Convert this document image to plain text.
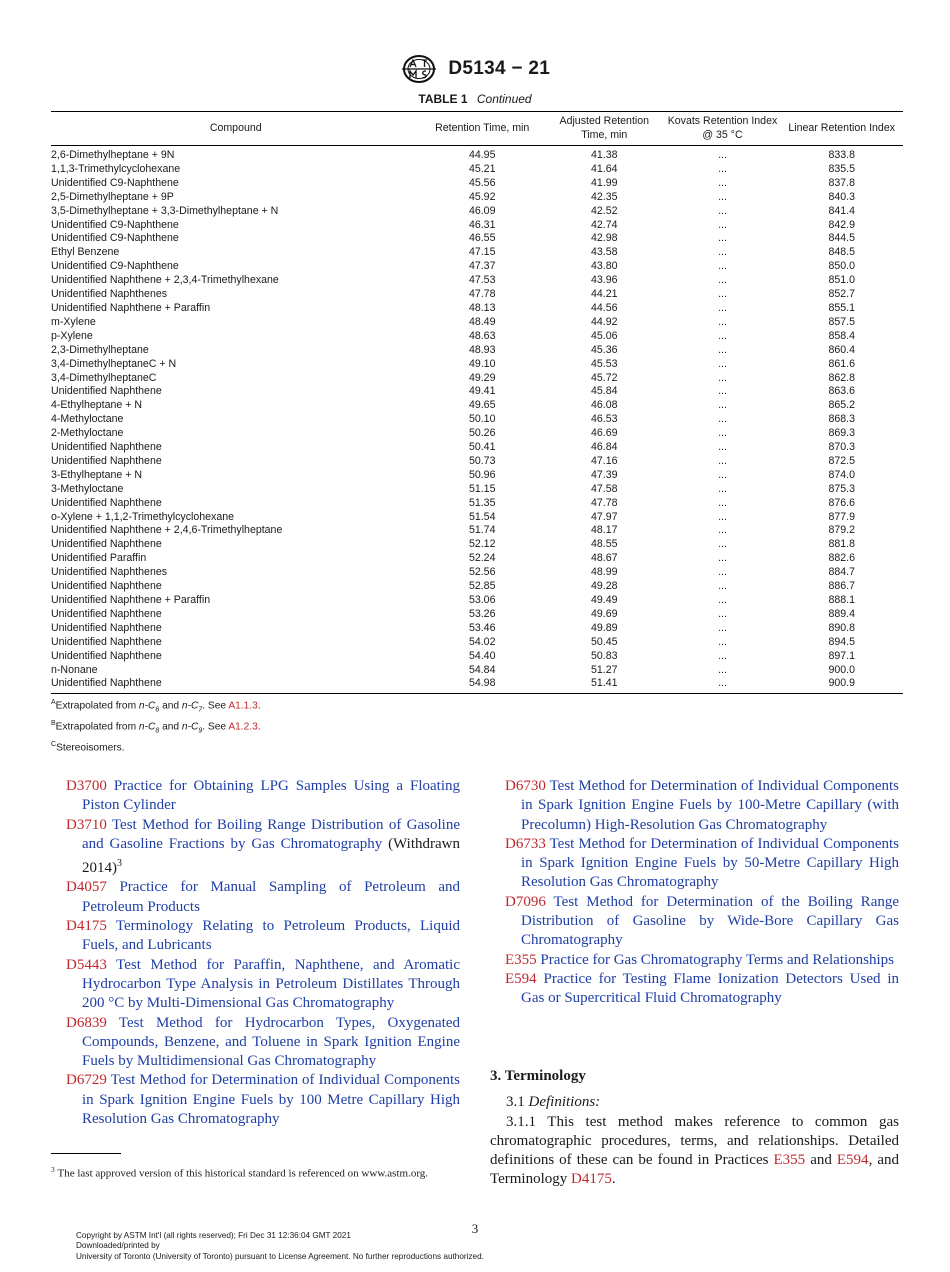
D5134 − 21
TABLE 1 Continued
Compound	Retention Time, min	Adjusted Retention Time, min	Kovats Retention Index @ 35 °C	Linear Retention Index
2,6-Dimethylheptane + 9N	44.95	41.38	...	833.8
1,1,3-Trimethylcyclohexane	45.21	41.64	...	835.5
Unidentified C9-Naphthene	45.56	41.99	...	837.8
2,5-Dimethylheptane + 9P	45.92	42.35	...	840.3
3,5-Dimethylheptane + 3,3-Dimethylheptane + N	46.09	42.52	...	841.4
Unidentified C9-Naphthene	46.31	42.74	...	842.9
Unidentified C9-Naphthene	46.55	42.98	...	844.5
Ethyl Benzene	47.15	43.58	...	848.5
Unidentified C9-Naphthene	47.37	43.80	...	850.0
Unidentified Naphthene + 2,3,4-Trimethylhexane	47.53	43.96	...	851.0
Unidentified Naphthenes	47.78	44.21	...	852.7
Unidentified Naphthene + Paraffin	48.13	44.56	...	855.1
m-Xylene	48.49	44.92	...	857.5
p-Xylene	48.63	45.06	...	858.4
2,3-Dimethylheptane	48.93	45.36	...	860.4
3,4-DimethylheptaneC + N	49.10	45.53	...	861.6
3,4-DimethylheptaneC	49.29	45.72	...	862.8
Unidentified Naphthene	49.41	45.84	...	863.6
4-Ethylheptane + N	49.65	46.08	...	865.2
4-Methyloctane	50.10	46.53	...	868.3
2-Methyloctane	50.26	46.69	...	869.3
Unidentified Naphthene	50.41	46.84	...	870.3
Unidentified Naphthene	50.73	47.16	...	872.5
3-Ethylheptane + N	50.96	47.39	...	874.0
3-Methyloctane	51.15	47.58	...	875.3
Unidentified Naphthene	51.35	47.78	...	876.6
o-Xylene + 1,1,2-Trimethylcyclohexane	51.54	47.97	...	877.9
Unidentified Naphthene + 2,4,6-Trimethylheptane	51.74	48.17	...	879.2
Unidentified Naphthene	52.12	48.55	...	881.8
Unidentified Paraffin	52.24	48.67	...	882.6
Unidentified Naphthenes	52.56	48.99	...	884.7
Unidentified Naphthene	52.85	49.28	...	886.7
Unidentified Naphthene + Paraffin	53.06	49.49	...	888.1
Unidentified Naphthene	53.26	49.69	...	889.4
Unidentified Naphthene	53.46	49.89	...	890.8
Unidentified Naphthene	54.02	50.45	...	894.5
Unidentified Naphthene	54.40	50.83	...	897.1
n-Nonane	54.84	51.27	...	900.0
Unidentified Naphthene	54.98	51.41	...	900.9
$^A$Extrapolated from $n-C_6$ and $n-C_7$. See A1.1.3.
$^B$Extrapolated from $n-C_8$ and $n-C_9$. See A1.2.3.
$^C$Stereoisomers.

D3700 Practice for Obtaining LPG Samples Using a Floating Piston Cylinder

D3710 Test Method for Boiling Range Distribution of Gasoline and Gasoline Fractions by Gas Chromatography (Withdrawn 2014)$^3$

D4057 Practice for Manual Sampling of Petroleum and Petroleum Products

D4175 Terminology Relating to Petroleum Products, Liquid Fuels, and Lubricants

D5443 Test Method for Paraffin, Naphthene, and Aromatic Hydrocarbon Type Analysis in Petroleum Distillates Through 200 °C by Multi-Dimensional Gas Chromatography

D6839 Test Method for Hydrocarbon Types, Oxygenated Compounds, Benzene, and Toluene in Spark Ignition Engine Fuels by Multidimensional Gas Chromatography

D6729 Test Method for Determination of Individual Components in Spark Ignition Engine Fuels by 100 Metre Capillary High Resolution Gas Chromatography

D6730 Test Method for Determination of Individual Components in Spark Ignition Engine Fuels by 100-Metre Capillary (with Precolumn) High-Resolution Gas Chromatography

D6733 Test Method for Determination of Individual Components in Spark Ignition Engine Fuels by 50-Metre Capillary High Resolution Gas Chromatography

D7096 Test Method for Determination of the Boiling Range Distribution of Gasoline by Wide-Bore Capillary Gas Chromatography

E355 Practice for Gas Chromatography Terms and Relationships

E594 Practice for Testing Flame Ionization Detectors Used in Gas or Supercritical Fluid Chromatography

3. Terminology

3.1 Definitions:

3.1.1 This test method makes reference to common gas chromatographic procedures, terms, and relationships. Detailed definitions of these can be found in Practices E355 and E594, and Terminology D4175.

$^3$ The last approved version of this historical standard is referenced on www.astm.org.
3
Copyright by ASTM Int'l (all rights reserved); Fri Dec 31 12:36:04 GMT 2021
Downloaded/printed by
University of Toronto (University of Toronto) pursuant to License Agreement. No further reproductions authorized.
